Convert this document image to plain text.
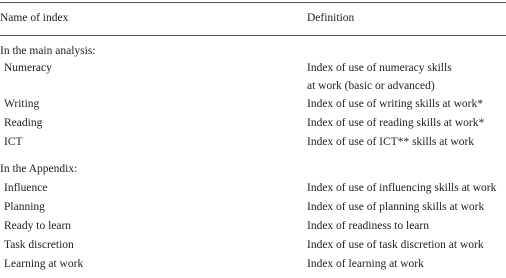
Name of index	Definition
In the main analysis:
Numeracy	Index of use of numeracy skills
at work (basic or advanced)
Writing	Index of use of writing skills at work*
Reading	Index of use of reading skills at work*
ICT	Index of use of ICT** skills at work
In the Appendix:
Influence	Index of use of influencing skills at work
Planning	Index of use of planning skills at work
Ready to learn	Index of readiness to learn
Task discretion	Index of use of task discretion at work
Learning at work	Index of learning at work
